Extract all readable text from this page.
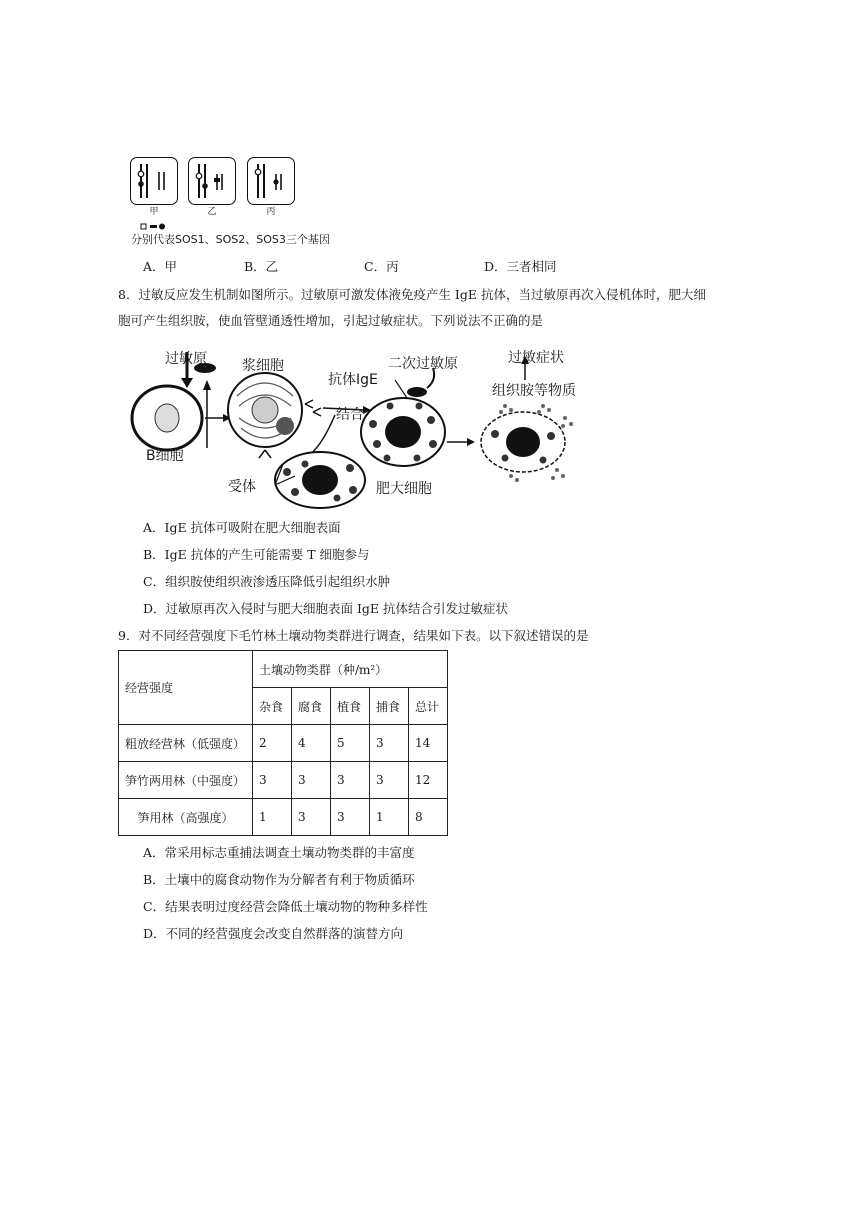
甲	乙	丙
分别代表SOS1、SOS2、SOS3三个基因
A．甲	B．乙	C．丙	D．三者相同
8．过敏反应发生机制如图所示。过敏原可激发体液免疫产生 IgE 抗体，当过敏原再次入侵机体时，肥大细
胞可产生组织胺，使血管壁通透性增加，引起过敏症状。下列说法不正确的是
过敏原	浆细胞	二次过敏原	过敏症状
抗体IgE
组织胺等物质
结合
B细胞
受体	肥大细胞
A．IgE 抗体可吸附在肥大细胞表面
B．IgE 抗体的产生可能需要 T 细胞参与
C．组织胺使组织液渗透压降低引起组织水肿
D．过敏原再次入侵时与肥大细胞表面 IgE 抗体结合引发过敏症状
9．对不同经营强度下毛竹林土壤动物类群进行调查，结果如下表。以下叙述错误的是
经营强度	土壤动物类群（种/m²）				
	杂食	腐食	植食	捕食	总计
粗放经营林（低强度）	2	4	5	3	14
笋竹两用林（中强度）	3	3	3	3	12
笋用林（高强度）	1	3	3	1	8
A．常采用标志重捕法调查土壤动物类群的丰富度
B．土壤中的腐食动物作为分解者有利于物质循环
C．结果表明过度经营会降低土壤动物的物种多样性
D．不同的经营强度会改变自然群落的演替方向
